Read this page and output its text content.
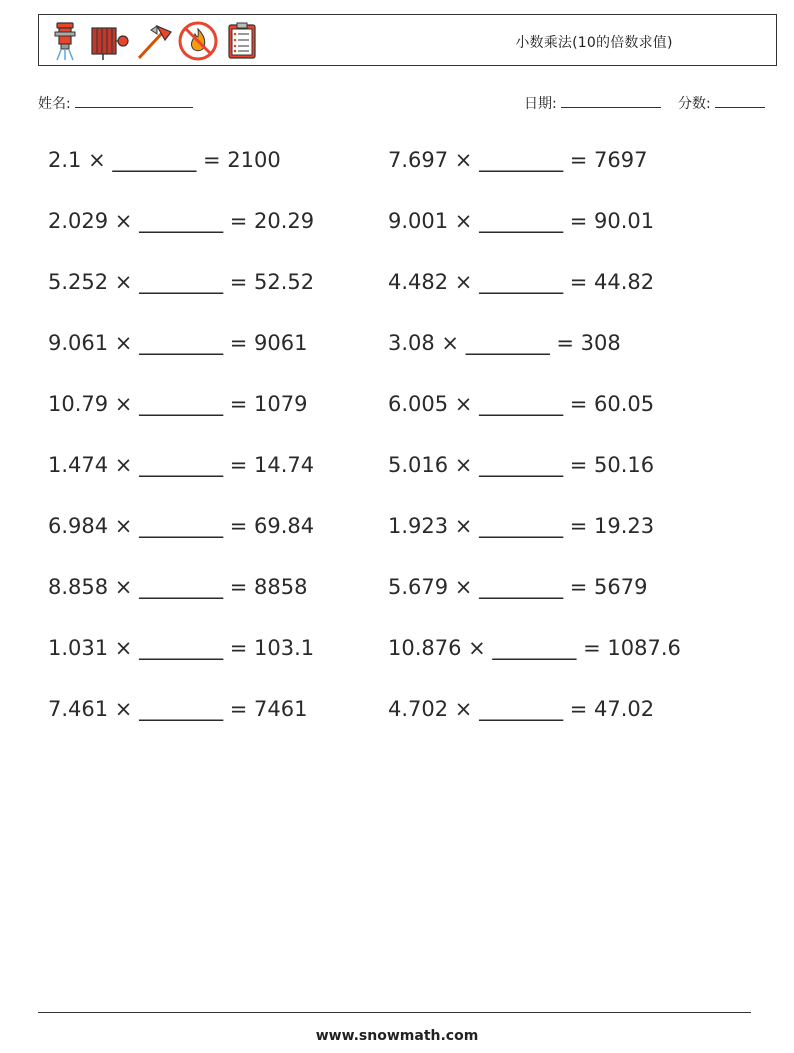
小数乘法(10的倍数求值)
姓名:	日期:	分数:
2.1 × ________ = 2100
2.029 × ________ = 20.29
5.252 × ________ = 52.52
9.061 × ________ = 9061
10.79 × ________ = 1079
1.474 × ________ = 14.74
6.984 × ________ = 69.84
8.858 × ________ = 8858
1.031 × ________ = 103.1
7.461 × ________ = 7461
7.697 × ________ = 7697
9.001 × ________ = 90.01
4.482 × ________ = 44.82
3.08 × ________ = 308
6.005 × ________ = 60.05
5.016 × ________ = 50.16
1.923 × ________ = 19.23
5.679 × ________ = 5679
10.876 × ________ = 1087.6
4.702 × ________ = 47.02
www.snowmath.com
